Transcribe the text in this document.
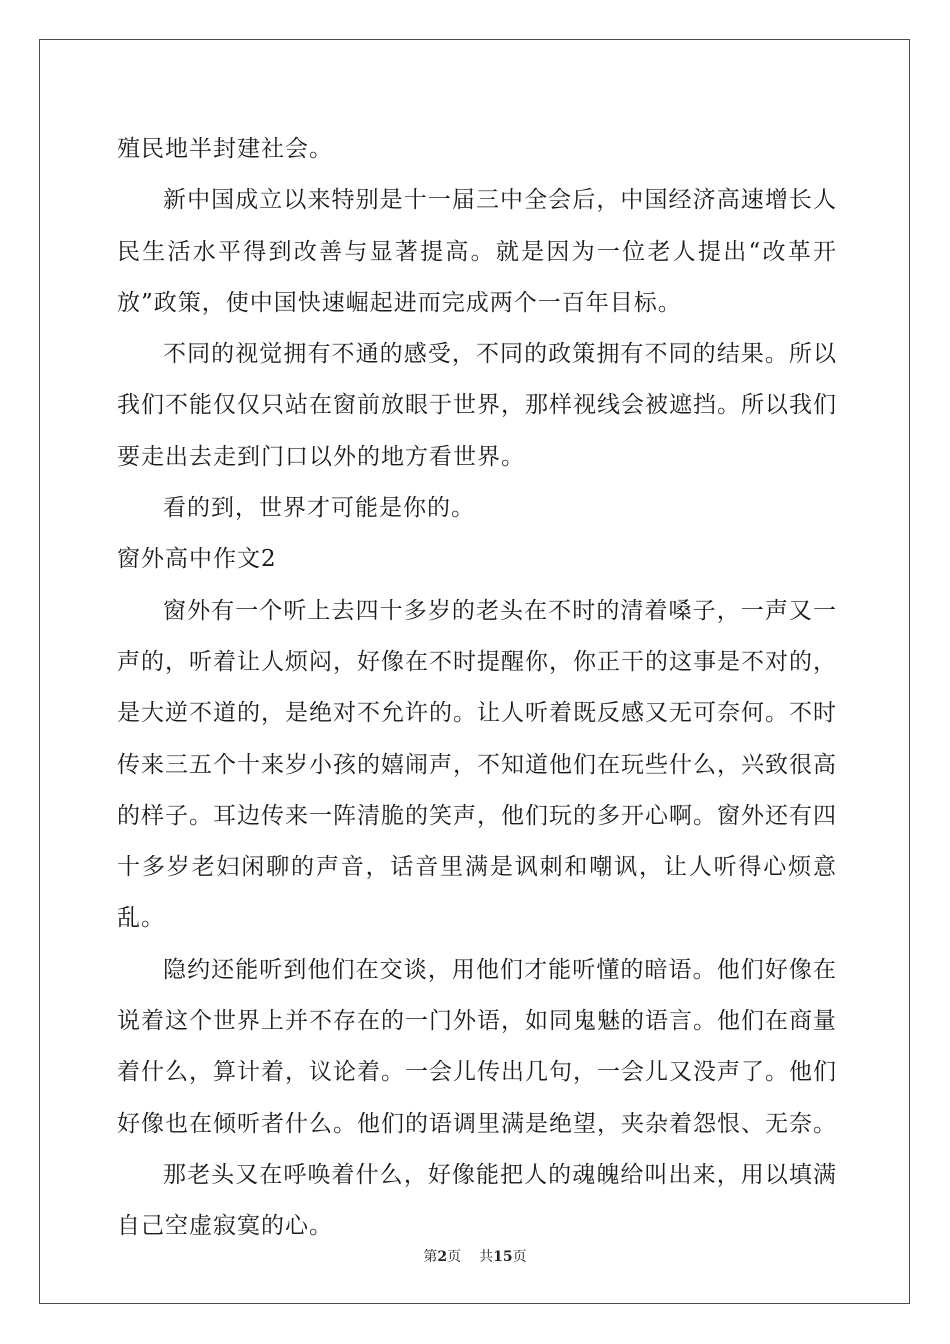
殖民地半封建社会。

新中国成立以来特别是十一届三中全会后，中国经济高速增长人民生活水平得到改善与显著提高。就是因为一位老人提出“改革开放”政策，使中国快速崛起进而完成两个一百年目标。

不同的视觉拥有不通的感受，不同的政策拥有不同的结果。所以我们不能仅仅只站在窗前放眼于世界，那样视线会被遮挡。所以我们要走出去走到门口以外的地方看世界。

看的到，世界才可能是你的。

窗外高中作文2

窗外有一个听上去四十多岁的老头在不时的清着嗓子，一声又一声的，听着让人烦闷，好像在不时提醒你，你正干的这事是不对的，是大逆不道的，是绝对不允许的。让人听着既反感又无可奈何。不时传来三五个十来岁小孩的嬉闹声，不知道他们在玩些什么，兴致很高的样子。耳边传来一阵清脆的笑声，他们玩的多开心啊。窗外还有四十多岁老妇闲聊的声音，话音里满是讽刺和嘲讽，让人听得心烦意乱。

隐约还能听到他们在交谈，用他们才能听懂的暗语。他们好像在说着这个世界上并不存在的一门外语，如同鬼魅的语言。他们在商量着什么，算计着，议论着。一会儿传出几句，一会儿又没声了。他们好像也在倾听者什么。他们的语调里满是绝望，夹杂着怨恨、无奈。

那老头又在呼唤着什么，好像能把人的魂魄给叫出来，用以填满自己空虚寂寞的心。

第2页 共15页
